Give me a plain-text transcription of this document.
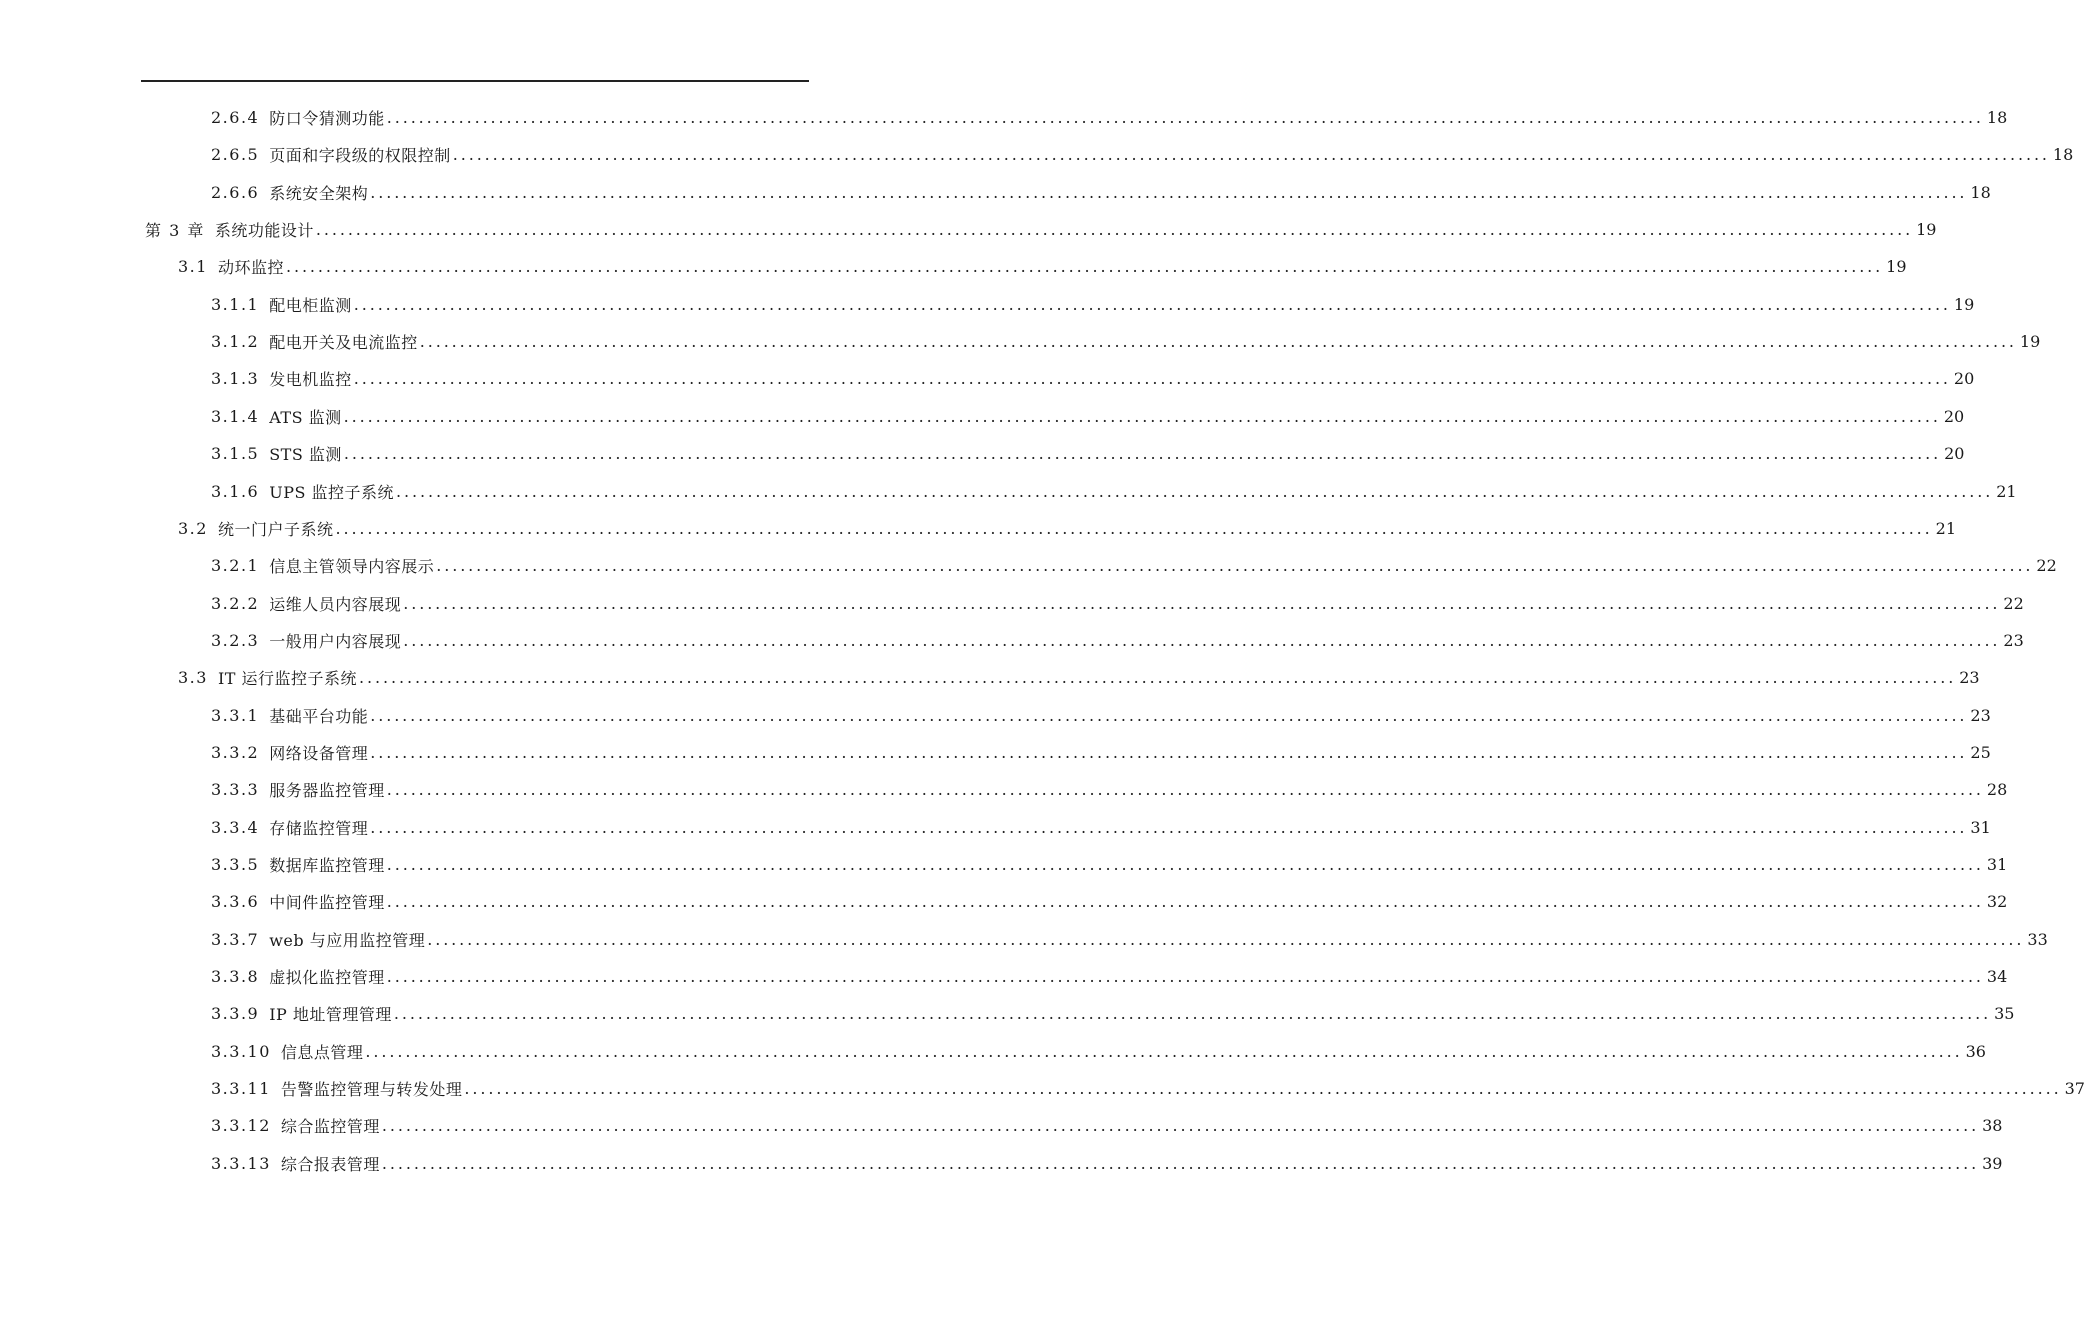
2.6.4 防口令猜测功能 ........................................................................................................................................................................................................ 18
2.6.5 页面和字段级的权限控制 ........................................................................................................................................................................................................ 18
2.6.6 系统安全架构 ........................................................................................................................................................................................................ 18
第 3 章 系统功能设计 ........................................................................................................................................................................................................ 19
3.1 动环监控 ........................................................................................................................................................................................................ 19
3.1.1 配电柜监测 ........................................................................................................................................................................................................ 19
3.1.2 配电开关及电流监控 ........................................................................................................................................................................................................ 19
3.1.3 发电机监控 ........................................................................................................................................................................................................ 20
3.1.4 ATS 监测 ........................................................................................................................................................................................................ 20
3.1.5 STS 监测 ........................................................................................................................................................................................................ 20
3.1.6 UPS 监控子系统 ........................................................................................................................................................................................................ 21
3.2 统一门户子系统 ........................................................................................................................................................................................................ 21
3.2.1 信息主管领导内容展示 ........................................................................................................................................................................................................ 22
3.2.2 运维人员内容展现 ........................................................................................................................................................................................................ 22
3.2.3 一般用户内容展现 ........................................................................................................................................................................................................ 23
3.3 IT 运行监控子系统 ........................................................................................................................................................................................................ 23
3.3.1 基础平台功能 ........................................................................................................................................................................................................ 23
3.3.2 网络设备管理 ........................................................................................................................................................................................................ 25
3.3.3 服务器监控管理 ........................................................................................................................................................................................................ 28
3.3.4 存储监控管理 ........................................................................................................................................................................................................ 31
3.3.5 数据库监控管理 ........................................................................................................................................................................................................ 31
3.3.6 中间件监控管理 ........................................................................................................................................................................................................ 32
3.3.7 web 与应用监控管理 ........................................................................................................................................................................................................ 33
3.3.8 虚拟化监控管理 ........................................................................................................................................................................................................ 34
3.3.9 IP 地址管理管理 ........................................................................................................................................................................................................ 35
3.3.10 信息点管理 ........................................................................................................................................................................................................ 36
3.3.11 告警监控管理与转发处理 ........................................................................................................................................................................................................ 37
3.3.12 综合监控管理 ........................................................................................................................................................................................................ 38
3.3.13 综合报表管理 ........................................................................................................................................................................................................ 39
